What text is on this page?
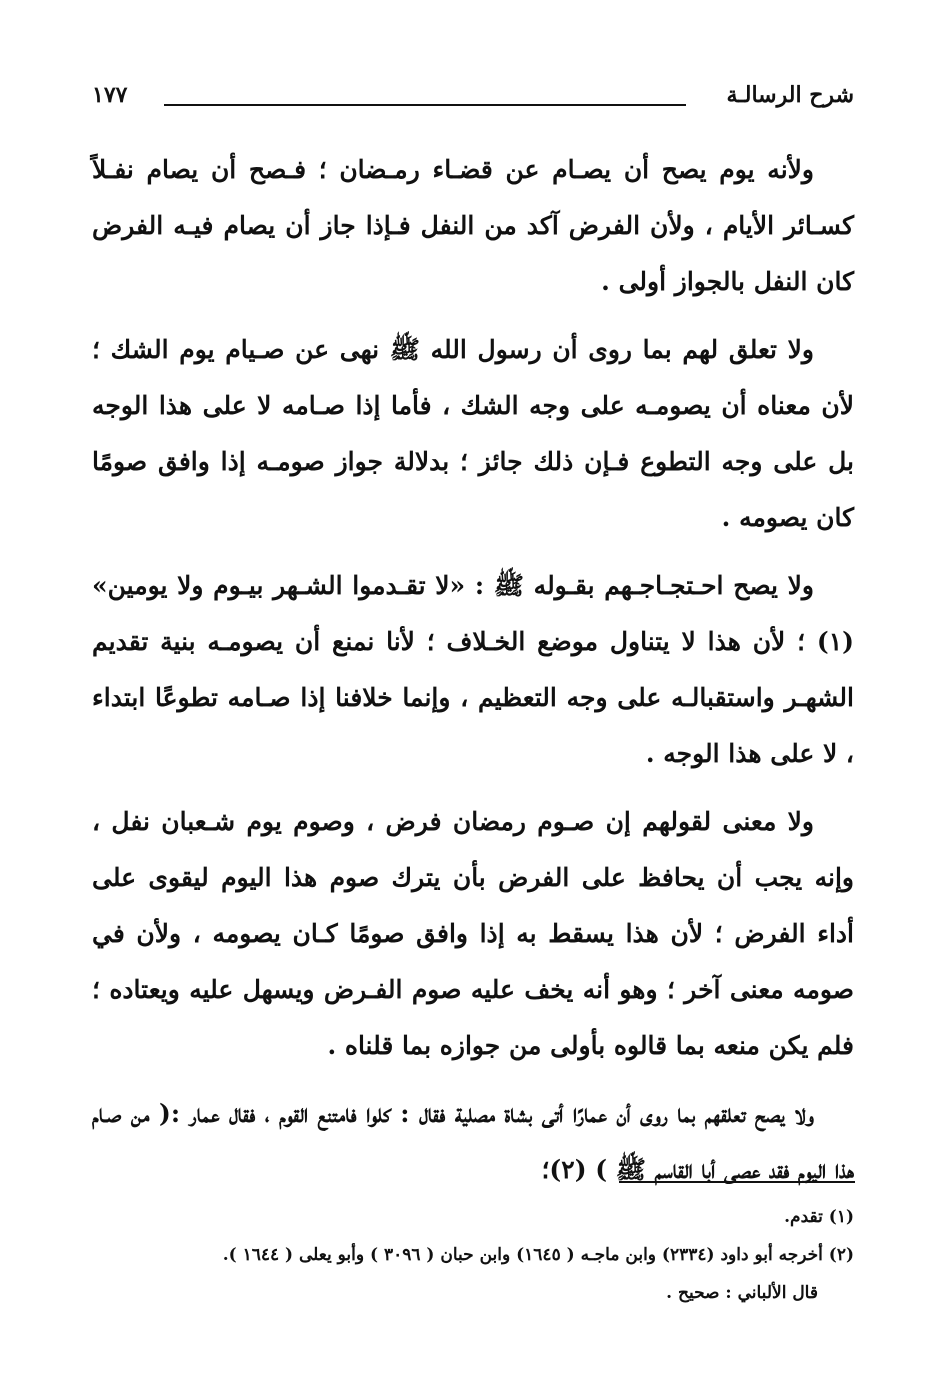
شرح الرسالـة
١٧٧

ولأنه يوم يصح أن يصـام عن قضـاء رمـضان ؛ فـصح أن يصام نفـلاً كسـائر الأيام ، ولأن الفرض آكد من النفل فـإذا جاز أن يصام فيـه الفرض كان النفل بالجواز أولى .

ولا تعلق لهم بما روى أن رسول الله ﷺ نهى عن صـيام يوم الشك ؛ لأن معناه أن يصومـه على وجه الشك ، فأما إذا صـامه لا على هذا الوجه بل على وجه التطوع فـإن ذلك جائز ؛ بدلالة جواز صومـه إذا وافق صومًا كان يصومه .

ولا يصح احـتجـاجـهم بقـوله ﷺ : «لا تقـدموا الشـهر بيـوم ولا يومين» (١) ؛ لأن هذا لا يتناول موضع الخـلاف ؛ لأنا نمنع أن يصومـه بنية تقديم الشهـر واستقبالـه على وجه التعظيم ، وإنما خلافنا إذا صـامه تطوعًا ابتداء ، لا على هذا الوجه .

ولا معنى لقولهم إن صـوم رمضان فرض ، وصوم يوم شـعبان نفل ، وإنه يجب أن يحافظ على الفرض بأن يترك صوم هذا اليوم ليقوى على أداء الفرض ؛ لأن هذا يسقط به إذا وافق صومًا كـان يصومه ، ولأن في صومه معنى آخر ؛ وهو أنه يخف عليه صوم الفـرض ويسهل عليه ويعتاده ؛ فلم يكن منعه بما قالوه بأولى من جوازه بما قلناه .

ولا يصح تعلقهم بما روى أن عمارًا أتى بشاة مصلية فقال : كلوا فامتنع القوم ، فقال عمار :( من صـام هذا اليوم فقد عصى أبا القاسم ﷺ ) (٢)؛

(١) تقدم.
(٢) أخرجه أبو داود (٢٣٣٤) وابن ماجـه ( ١٦٤٥) وابن حبان ( ٣٠٩٦ ) وأبو يعلى ( ١٦٤٤ ).
قال الألباني : صحيح .
